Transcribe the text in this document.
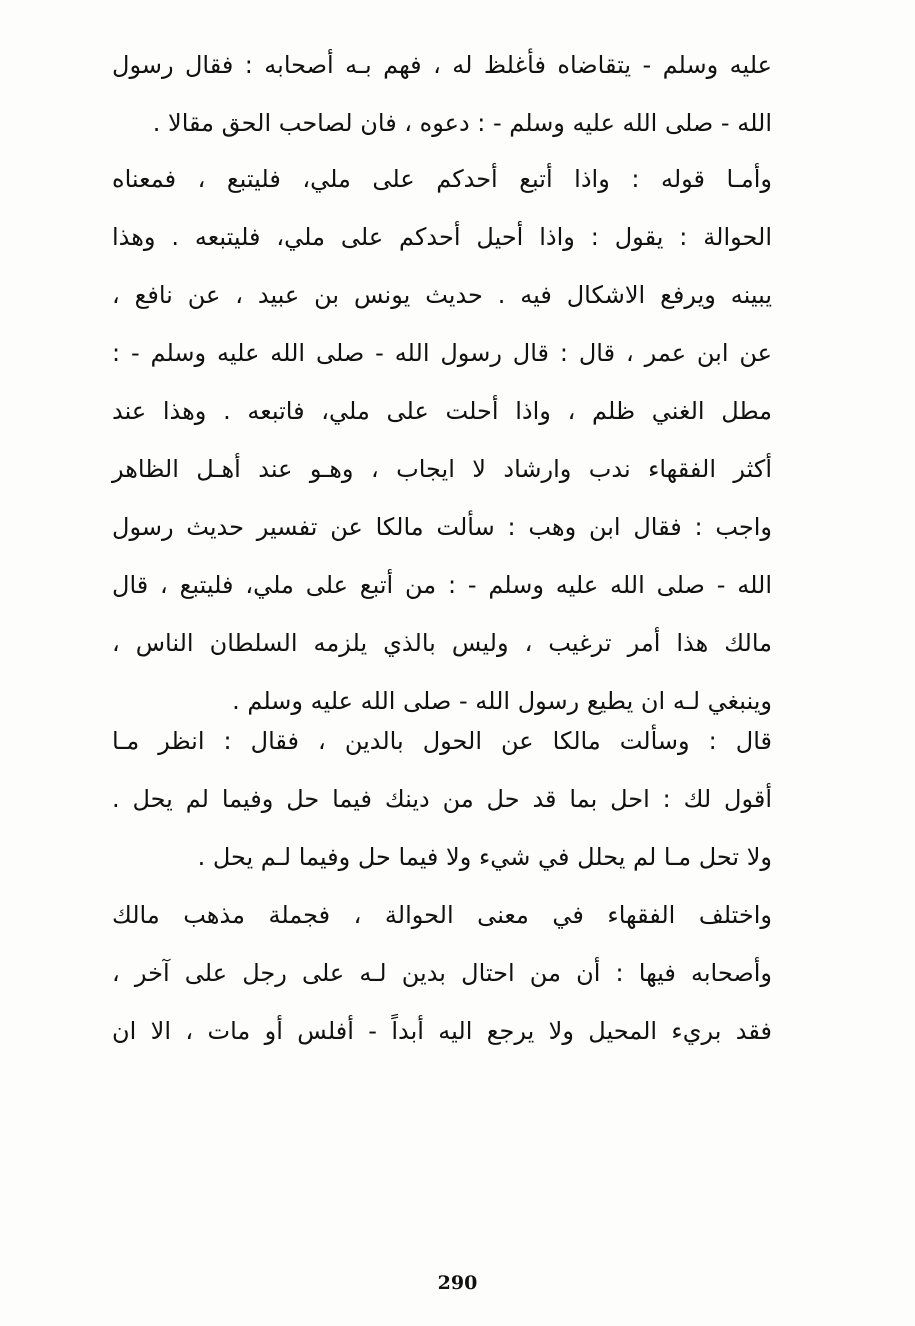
عليه وسلم - يتقاضاه فأغلظ له ، فهم بـه أصحابه : فقال رسول
الله - صلى الله عليه وسلم - : دعوه ، فان لصاحب الحق مقالا .
وأمـا قوله : واذا أتبع أحدكم على ملي، فليتبع ، فمعناه
الحوالة : يقول : واذا أحيل أحدكم على ملي، فليتبعه . وهذا
يبينه ويرفع الاشكال فيه . حديث يونس بن عبيد ، عن نافع ،
عن ابن عمر ، قال : قال رسول الله - صلى الله عليه وسلم - :
مطل الغني ظلم ، واذا أحلت على ملي، فاتبعه . وهذا عند
أكثر الفقهاء ندب وارشاد لا ايجاب ، وهـو عند أهـل الظاهر
واجب : فقال ابن وهب : سألت مالكا عن تفسير حديث رسول
الله - صلى الله عليه وسلم - : من أتبع على ملي، فليتبع ، قال
مالك هذا أمر ترغيب ، وليس بالذي يلزمه السلطان الناس ،
وينبغي لـه ان يطيع رسول الله - صلى الله عليه وسلم .
قال : وسألت مالكا عن الحول بالدين ، فقال : انظر مـا
أقول لك : احل بما قد حل من دينك فيما حل وفيما لم يحل .
ولا تحل مـا لم يحلل في شيء ولا فيما حل وفيما لـم يحل .
واختلف الفقهاء في معنى الحوالة ، فجملة مذهب مالك
وأصحابه فيها : أن من احتال بدين لـه على رجل على آخر ،
فقد بريء المحيل ولا يرجع اليه أبداً - أفلس أو مات ، الا ان
290
